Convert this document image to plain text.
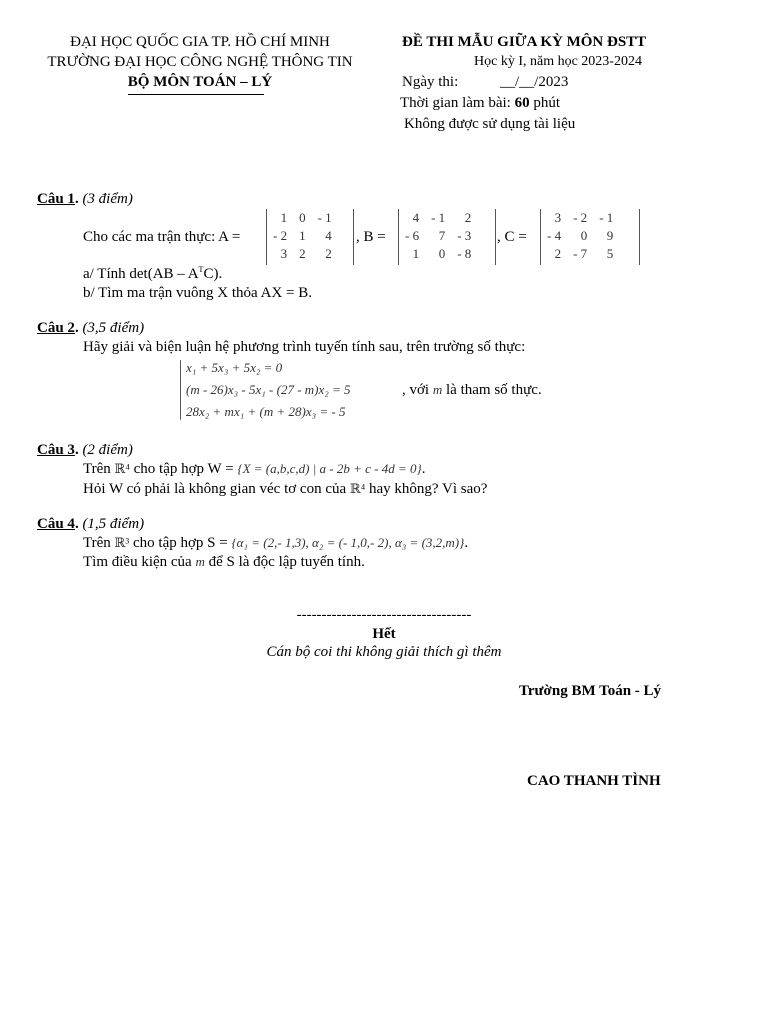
ĐẠI HỌC QUỐC GIA TP. HỒ CHÍ MINH
TRƯỜNG ĐẠI HỌC CÔNG NGHỆ THÔNG TIN
BỘ MÔN TOÁN – LÝ
ĐỀ THI MẪU GIỮA KỲ MÔN ĐSTT
Học kỳ I, năm học 2023-2024
Ngày thi:	__/__/2023
Thời gian làm bài: 60 phút
Không được sử dụng tài liệu
Câu 1. (3 điểm)
Cho các ma trận thực: A =
1	0	- 1
- 2	1	4
3	2	2
, B =
4	- 1	2
- 6	7	- 3
1	0	- 8
, C =
3	- 2	- 1
- 4	0	9
2	- 7	5
a/ Tính $\det(AB - A^TC)$.
b/ Tìm ma trận vuông X thỏa AX = B.
Câu 2. (3,5 điểm)
Hãy giải và biện luận hệ phương trình tuyến tính sau, trên trường số thực:
x₁ + 5x₃ + 5x₂ = 0
(m - 26)x₃ - 5x₁ - (27 - m)x₂ = 5
28x₂ + mx₁ + (m + 28)x₃ = - 5
, với m là tham số thực.
Câu 3. (2 điểm)
Trên ℝ⁴ cho tập hợp W = {X = (a,b,c,d) | a - 2b + c - 4d = 0}.
Hỏi W có phải là không gian véc tơ con của ℝ⁴ hay không? Vì sao?
Câu 4. (1,5 điểm)
Trên ℝ³ cho tập hợp S = {α₁ = (2,- 1,3), α₂ = (- 1,0,- 2), α₃ = (3,2,m)}.
Tìm điều kiện của m để S là độc lập tuyến tính.
-----------------------------------
Hết
Cán bộ coi thi không giải thích gì thêm
Trường BM Toán - Lý
CAO THANH TÌNH
